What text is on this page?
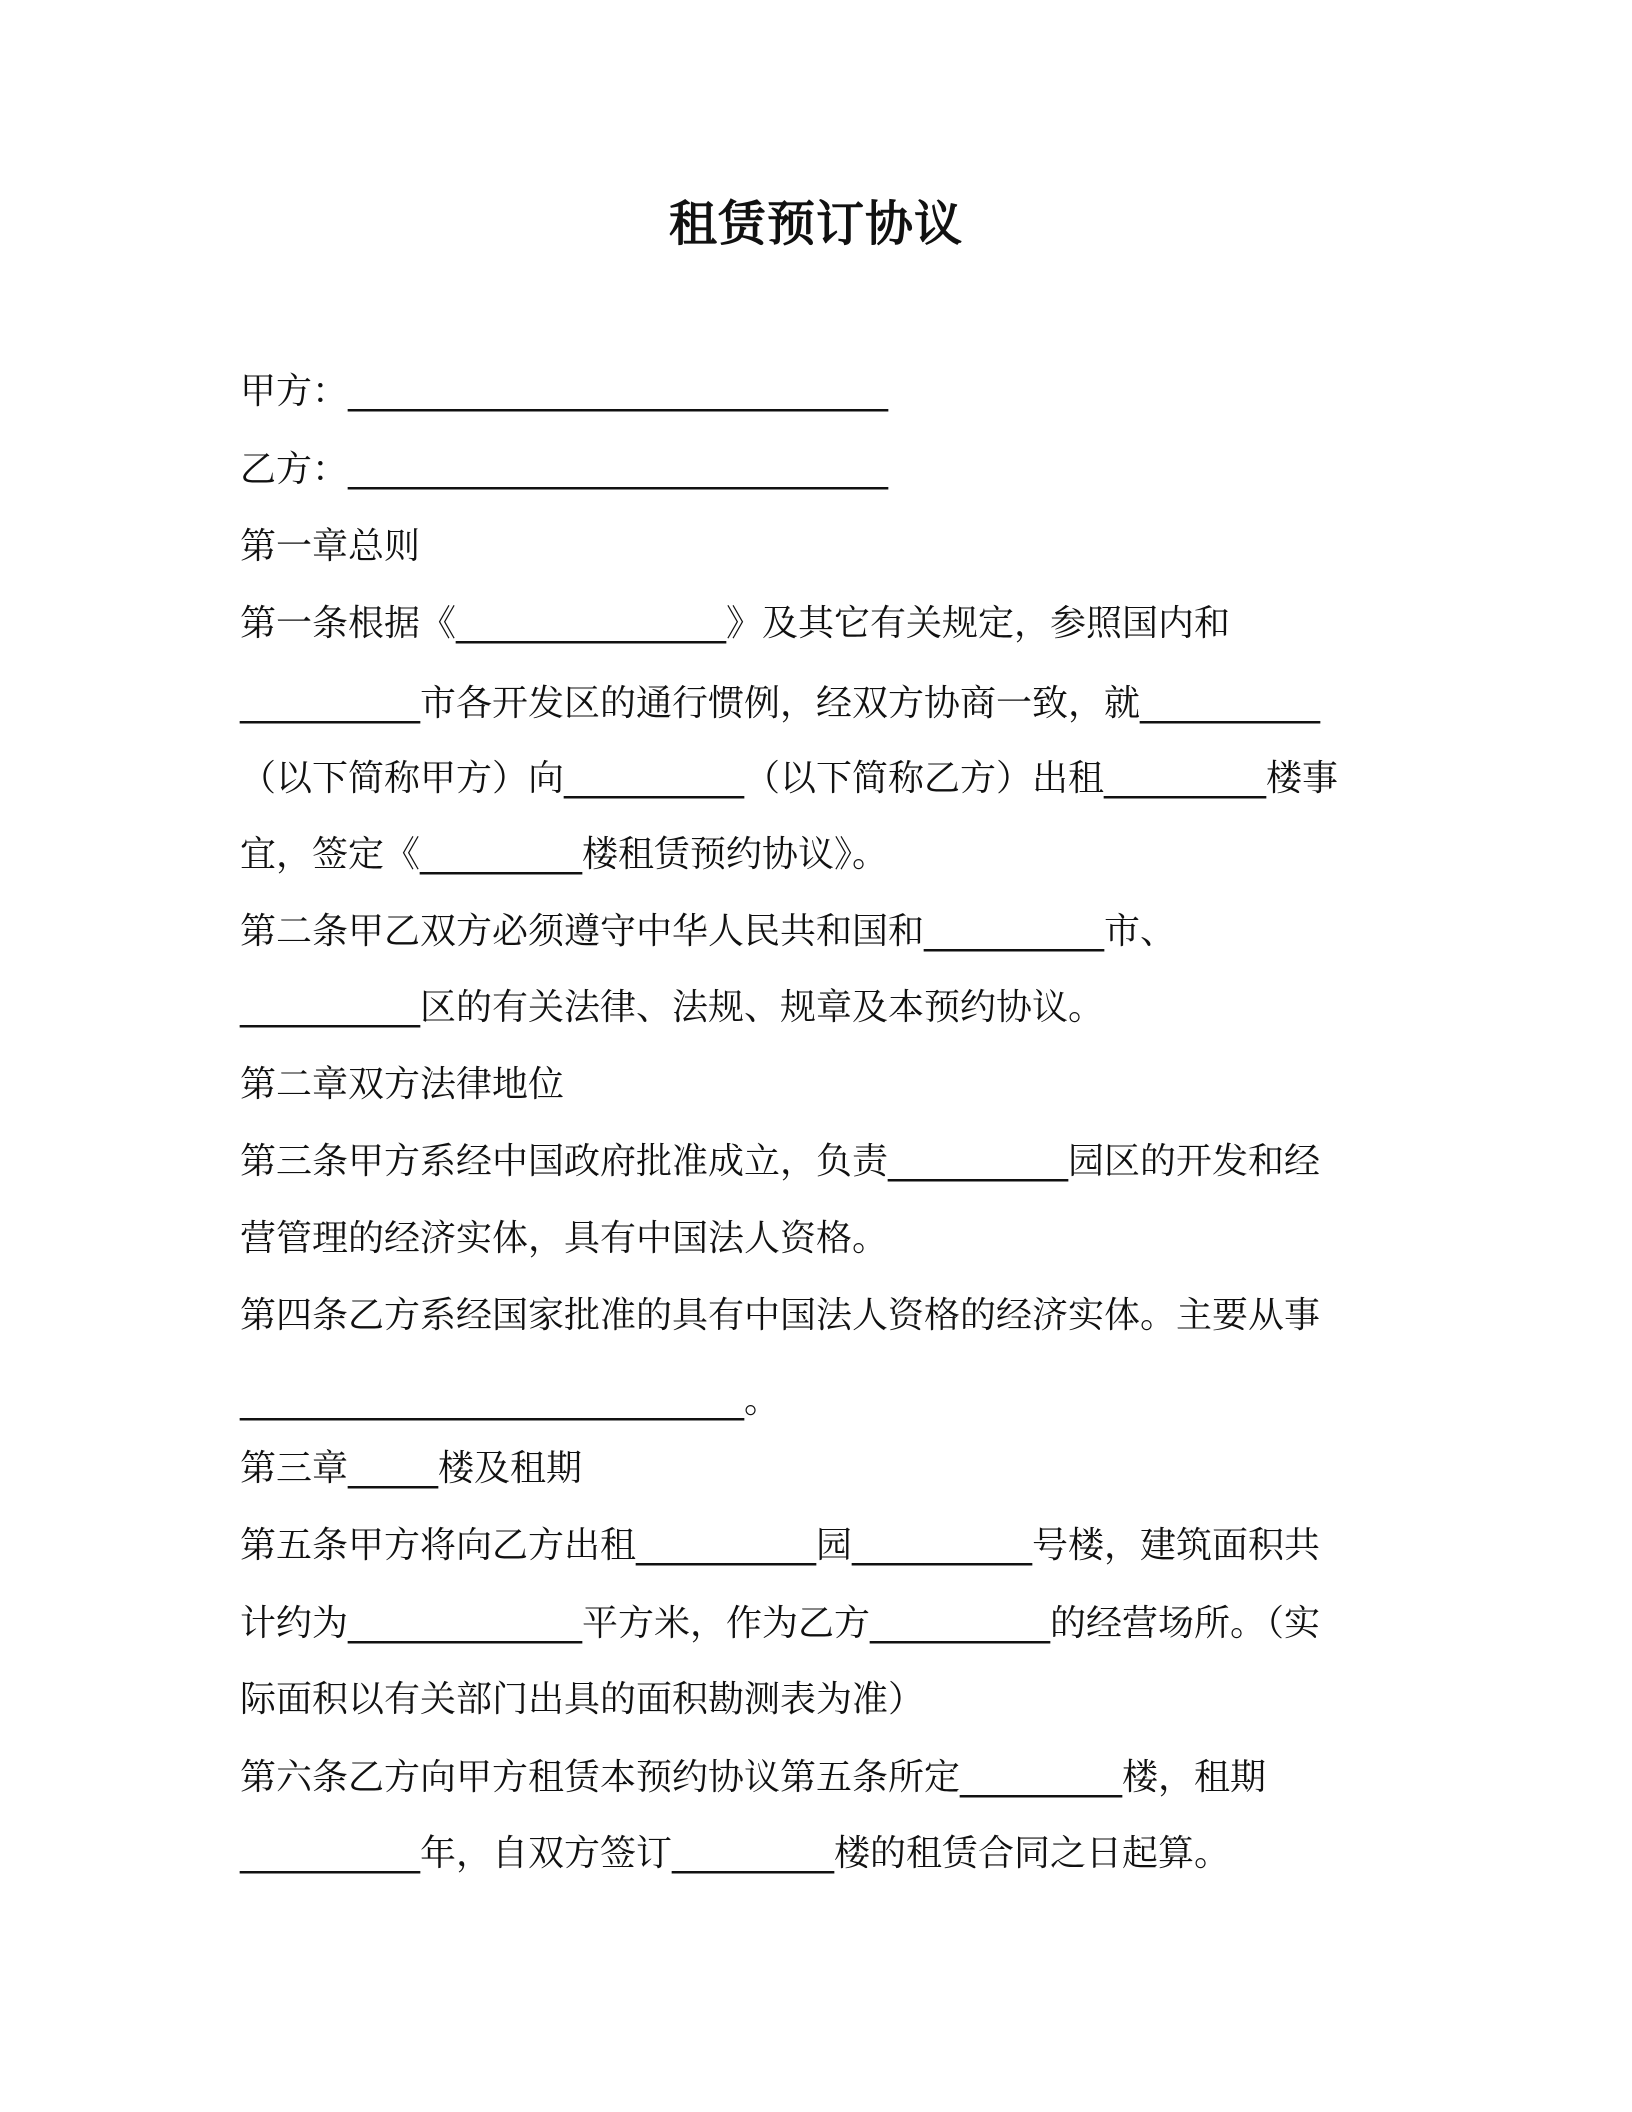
租赁预订协议

甲方：______________________________

乙方：______________________________

第一章总则

第一条根据《_______________》及其它有关规定，参照国内和

__________市各开发区的通行惯例，经双方协商一致，就__________

（以下简称甲方）向__________（以下简称乙方）出租_________楼事

宜，签定《_________楼租赁预约协议》。

第二条甲乙双方必须遵守中华人民共和国和__________市、

__________区的有关法律、法规、规章及本预约协议。

第二章双方法律地位

第三条甲方系经中国政府批准成立，负责__________园区的开发和经

营管理的经济实体，具有中国法人资格。

第四条乙方系经国家批准的具有中国法人资格的经济实体。主要从事

____________________________。

第三章_____楼及租期

第五条甲方将向乙方出租__________园__________号楼，建筑面积共

计约为_____________平方米，作为乙方__________的经营场所。（实

际面积以有关部门出具的面积勘测表为准）

第六条乙方向甲方租赁本预约协议第五条所定_________楼，租期

__________年，自双方签订_________楼的租赁合同之日起算。
